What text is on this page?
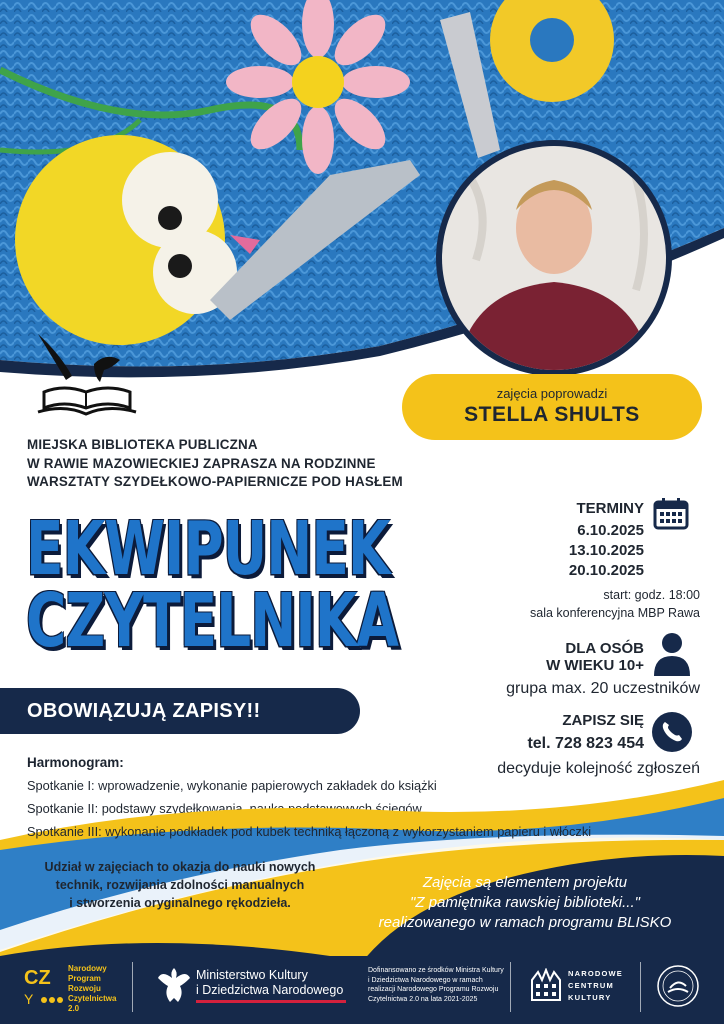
zajęcia poprowadzi
STELLA SHULTS
MIEJSKA BIBLIOTEKA PUBLICZNA
W RAWIE MAZOWIECKIEJ ZAPRASZA NA RODZINNE
WARSZTATY SZYDEŁKOWO-PAPIERNICZE POD HASŁEM
EKWIPUNEK
CZYTELNIKA
TERMINY
6.10.2025
13.10.2025
20.10.2025
start: godz. 18:00
sala konferencyjna MBP Rawa
DLA OSÓB
W WIEKU 10+
grupa max. 20 uczestników
ZAPISZ SIĘ
tel. 728 823 454
decyduje kolejność zgłoszeń
OBOWIĄZUJĄ ZAPISY!!
Harmonogram:
Spotkanie I: wprowadzenie, wykonanie papierowych zakładek do książki
Spotkanie II: podstawy szydełkowania, nauka podstawowych ściegów
Spotkanie III: wykonanie podkładek pod kubek techniką łączoną z wykorzystaniem papieru i włóczki
Udział w zajęciach to okazja do nauki nowych
technik, rozwijania zdolności manualnych
i stworzenia oryginalnego rękodzieła.
Zajęcia są elementem projektu
"Z pamiętnika rawskiej biblioteki..."
realizowanego w ramach programu BLISKO
CZ
Y
Narodowy
Program
Rozwoju
Czytelnictwa
2.0
Ministerstwo Kultury
i Dziedzictwa Narodowego
Dofinansowano ze środków Ministra Kultury
i Dziedzictwa Narodowego w ramach
realizacji Narodowego Programu Rozwoju
Czytelnictwa 2.0 na lata 2021-2025
NARODOWE
CENTRUM
KULTURY
